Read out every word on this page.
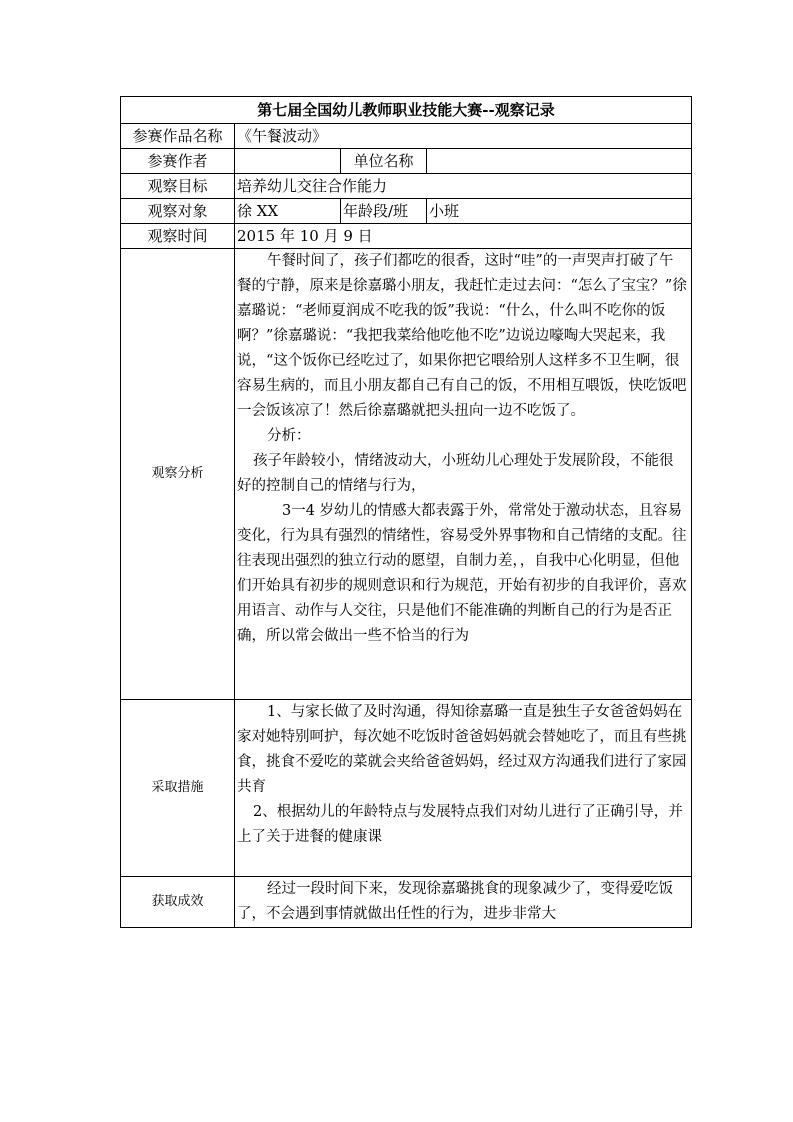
第七届全国幼儿教师职业技能大赛--观察记录			
参赛作品名称	《午餐波动》		
参赛作者		单位名称	
观察目标	培养幼儿交往合作能力		
观察对象	徐 XX	年龄段/班	小班
观察时间	2015 年 10 月 9 日		
观察分析	午餐时间了，孩子们都吃的很香，这时“哇”的一声哭声打破了午餐的宁静，原来是徐嘉璐小朋友，我赶忙走过去问：“怎么了宝宝？”徐嘉璐说：“老师夏润成不吃我的饭”我说：“什么，什么叫不吃你的饭啊？”徐嘉璐说：“我把我菜给他吃他不吃”边说边嚎啕大哭起来，我说，“这个饭你已经吃过了，如果你把它喂给别人这样多不卫生啊，很容易生病的，而且小朋友都自己有自己的饭，不用相互喂饭，快吃饭吧一会饭该凉了！然后徐嘉璐就把头扭向一边不吃饭了。

分析：

孩子年龄较小，情绪波动大，小班幼儿心理处于发展阶段，不能很好的控制自己的情绪与行为，

3一4 岁幼儿的情感大都表露于外，常常处于激动状态，且容易变化，行为具有强烈的情绪性，容易受外界事物和自己情绪的支配。往往表现出强烈的独立行动的愿望，自制力差，，自我中心化明显，但他们开始具有初步的规则意识和行为规范，开始有初步的自我评价，喜欢用语言、动作与人交往，只是他们不能准确的判断自己的行为是否正确，所以常会做出一些不恰当的行为		

采取措施	1、与家长做了及时沟通，得知徐嘉璐一直是独生子女爸爸妈妈在家对她特别呵护，每次她不吃饭时爸爸妈妈就会替她吃了，而且有些挑食，挑食不爱吃的菜就会夹给爸爸妈妈，经过双方沟通我们进行了家园共育

2、根据幼儿的年龄特点与发展特点我们对幼儿进行了正确引导，并上了关于进餐的健康课		

获取成效	经过一段时间下来，发现徐嘉璐挑食的现象减少了，变得爱吃饭了，不会遇到事情就做出任性的行为，进步非常大		
